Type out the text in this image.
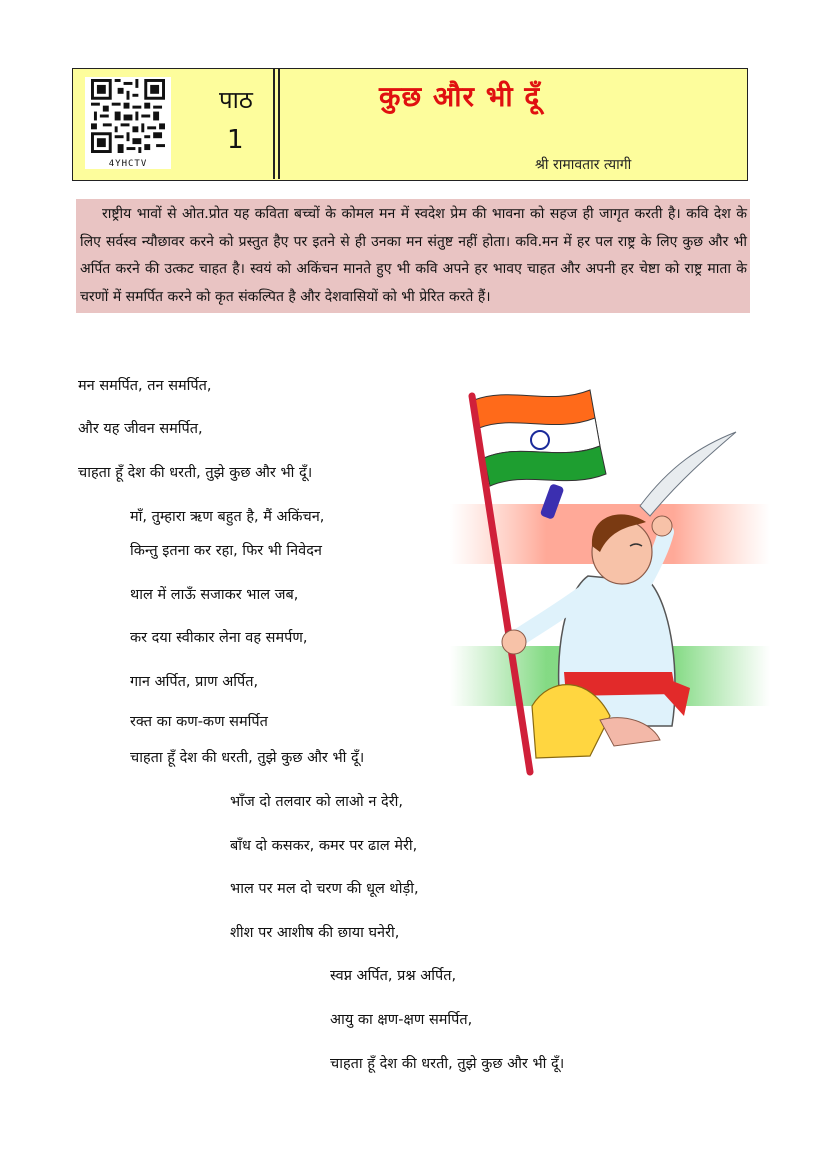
4YHCTV
पाठ
1
कुछ और भी दूँ
श्री रामावतार त्यागी
राष्ट्रीय भावों से ओत.प्रोत यह कविता बच्चों के कोमल मन में स्वदेश प्रेम की भावना को सहज ही जागृत करती है। कवि देश के लिए सर्वस्व न्यौछावर करने को प्रस्तुत हैए पर इतने से ही उनका मन संतुष्ट नहीं होता। कवि.मन में हर पल राष्ट्र के लिए कुछ और भी अर्पित करने की उत्कट चाहत है। स्वयं को अकिंचन मानते हुए भी कवि अपने हर भावए चाहत और अपनी हर चेष्टा को राष्ट्र माता के चरणों में समर्पित करने को कृत संकल्पित है और देशवासियों को भी प्रेरित करते हैं।
मन समर्पित, तन समर्पित,
और यह जीवन समर्पित,
चाहता हूँ देश की धरती, तुझे कुछ और भी दूँ।
माँ, तुम्हारा ऋण बहुत है, मैं अकिंचन,
किन्तु इतना कर रहा, फिर भी निवेदन
थाल में लाऊँ सजाकर भाल जब,
कर दया स्वीकार लेना वह समर्पण,
गान अर्पित, प्राण अर्पित,
रक्त का कण-कण समर्पित
चाहता हूँ देश की धरती, तुझे कुछ और भी दूँ।
भाँज दो तलवार को लाओ न देरी,
बाँध दो कसकर, कमर पर ढाल मेरी,
भाल पर मल दो चरण की धूल थोड़ी,
शीश पर आशीष की छाया घनेरी,
स्वप्न अर्पित, प्रश्न अर्पित,
आयु का क्षण-क्षण समर्पित,
चाहता हूँ देश की धरती, तुझे कुछ और भी दूँ।
